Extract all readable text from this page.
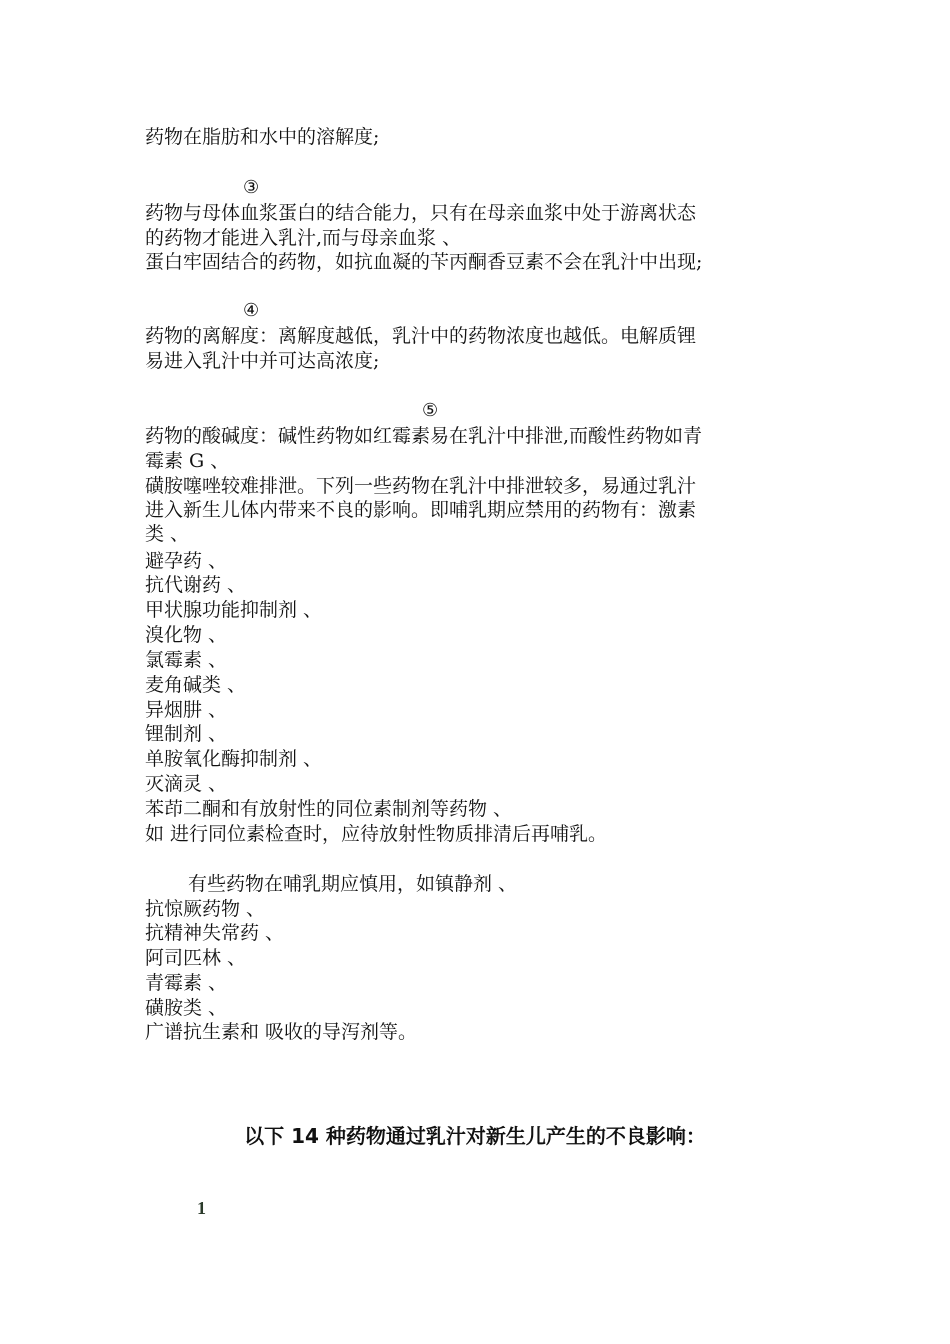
药物在脂肪和水中的溶解度;
③
药物与母体血浆蛋白的结合能力，只有在母亲血浆中处于游离状态
的药物才能进入乳汁,而与母亲血浆 、
蛋白牢固结合的药物，如抗血凝的苄丙酮香豆素不会在乳汁中出现;
④
药物的离解度：离解度越低，乳汁中的药物浓度也越低。电解质锂
易进入乳汁中并可达高浓度;
⑤
药物的酸碱度：碱性药物如红霉素易在乳汁中排泄,而酸性药物如青
霉素 G 、
磺胺噻唑较难排泄。下列一些药物在乳汁中排泄较多，易通过乳汁
进入新生儿体内带来不良的影响。即哺乳期应禁用的药物有：激素
类 、
避孕药 、
抗代谢药 、
甲状腺功能抑制剂 、
溴化物 、
氯霉素 、
麦角碱类 、
异烟肼 、
锂制剂 、
单胺氧化酶抑制剂 、
灭滴灵 、
苯茚二酮和有放射性的同位素制剂等药物 、
如 进行同位素检查时，应待放射性物质排清后再哺乳。
有些药物在哺乳期应慎用，如镇静剂 、
抗惊厥药物 、
抗精神失常药 、
阿司匹林 、
青霉素 、
磺胺类 、
广谱抗生素和 吸收的导泻剂等。
以下 14 种药物通过乳汁对新生儿产生的不良影响：
1
